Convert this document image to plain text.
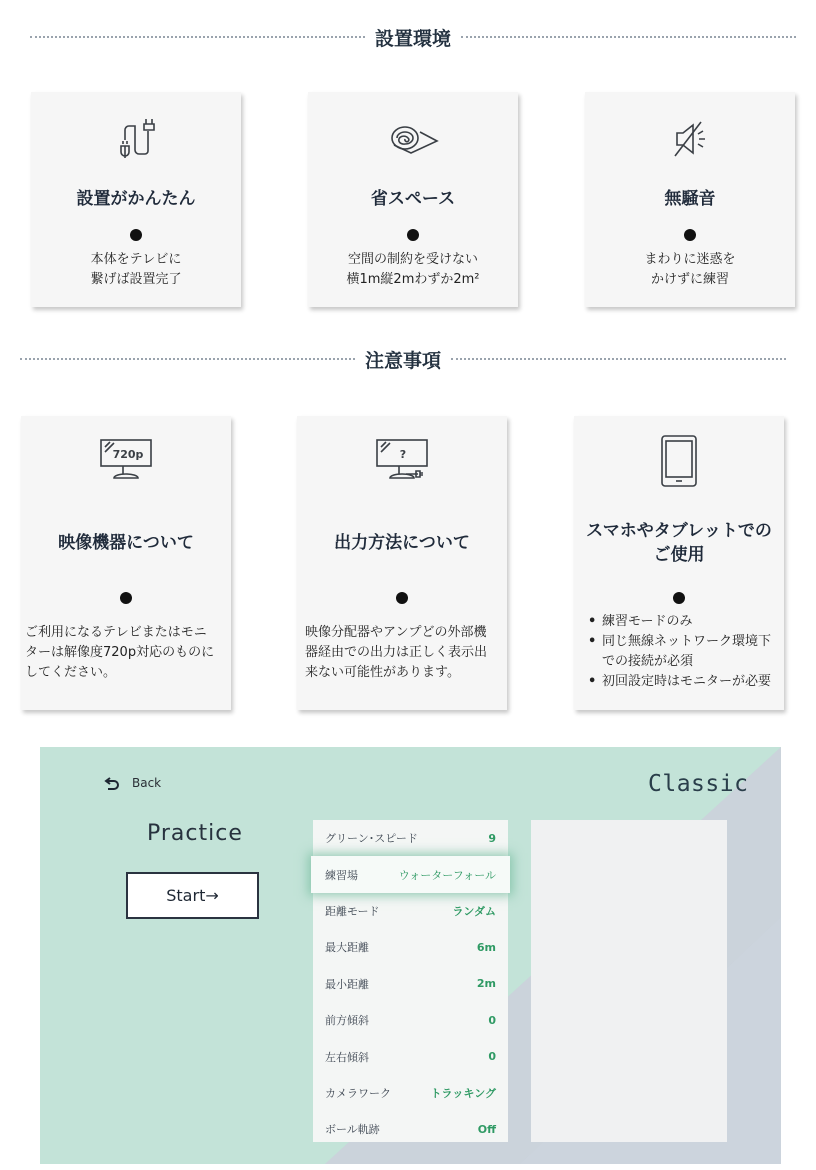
設置環境
設置がかんたん
本体をテレビに
繋げば設置完了
省スペース
空間の制約を受けない
横1m縦2mわずか2m²
無騒音
まわりに迷惑を
かけずに練習
注意事項
720p
映像機器について
ご利用になるテレビまたはモニ
ターは解像度720p対応のものに
してください。
?
出力方法について
映像分配器やアンプどの外部機
器経由での出力は正しく表示出
来ない可能性があります。
スマホやタブレットでの
ご使用
• 練習モードのみ
• 同じ無線ネットワーク環境下
での接続が必須
• 初回設定時はモニターが必要
Back	Classic
Practice
Start→
グリーン･スピード	9
練習場	ウォーターフォール
距離モード	ランダム
最大距離	6m
最小距離	2m
前方傾斜	0
左右傾斜	0
カメラワーク	トラッキング
ボール軌跡	Off
